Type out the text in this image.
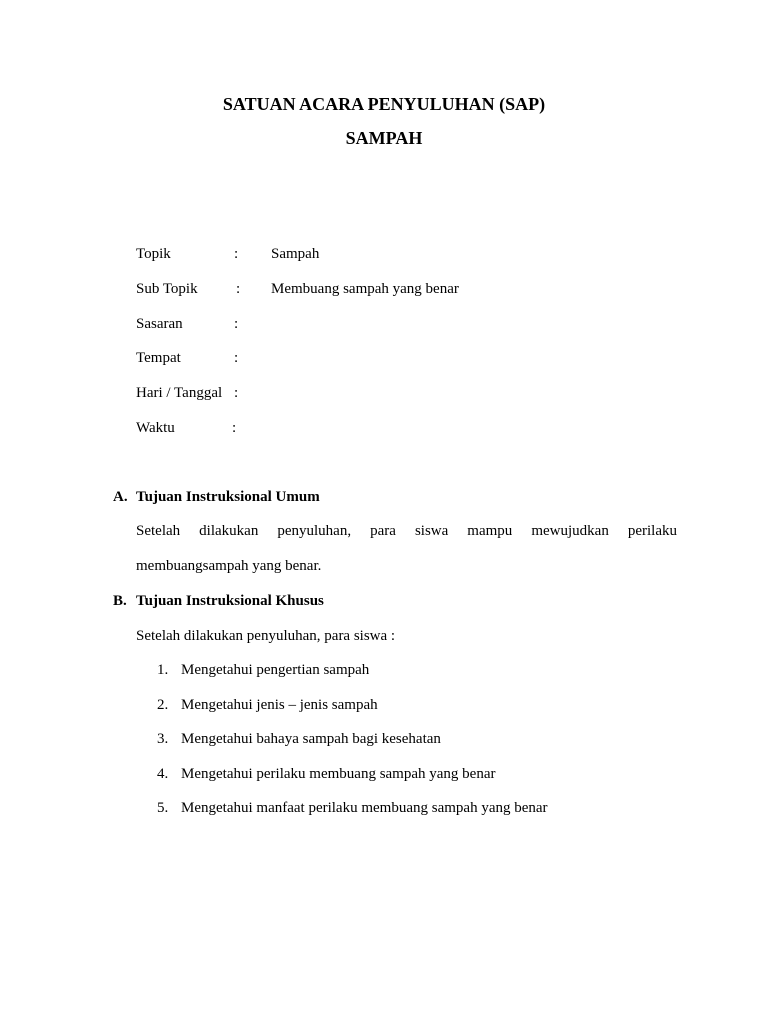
SATUAN ACARA PENYULUHAN (SAP)
SAMPAH
Topik	: Sampah
Sub Topik	: Membuang sampah yang benar
Sasaran	:
Tempat	:
Hari / Tanggal :
Waktu	:
A. Tujuan Instruksional Umum
Setelah dilakukan penyuluhan, para siswa mampu mewujudkan perilaku
membuangsampah yang benar.
B. Tujuan Instruksional Khusus
Setelah dilakukan penyuluhan, para siswa :
1. Mengetahui pengertian sampah
2. Mengetahui jenis – jenis sampah
3. Mengetahui bahaya sampah bagi kesehatan
4. Mengetahui perilaku membuang sampah yang benar
5. Mengetahui manfaat perilaku membuang sampah yang benar
